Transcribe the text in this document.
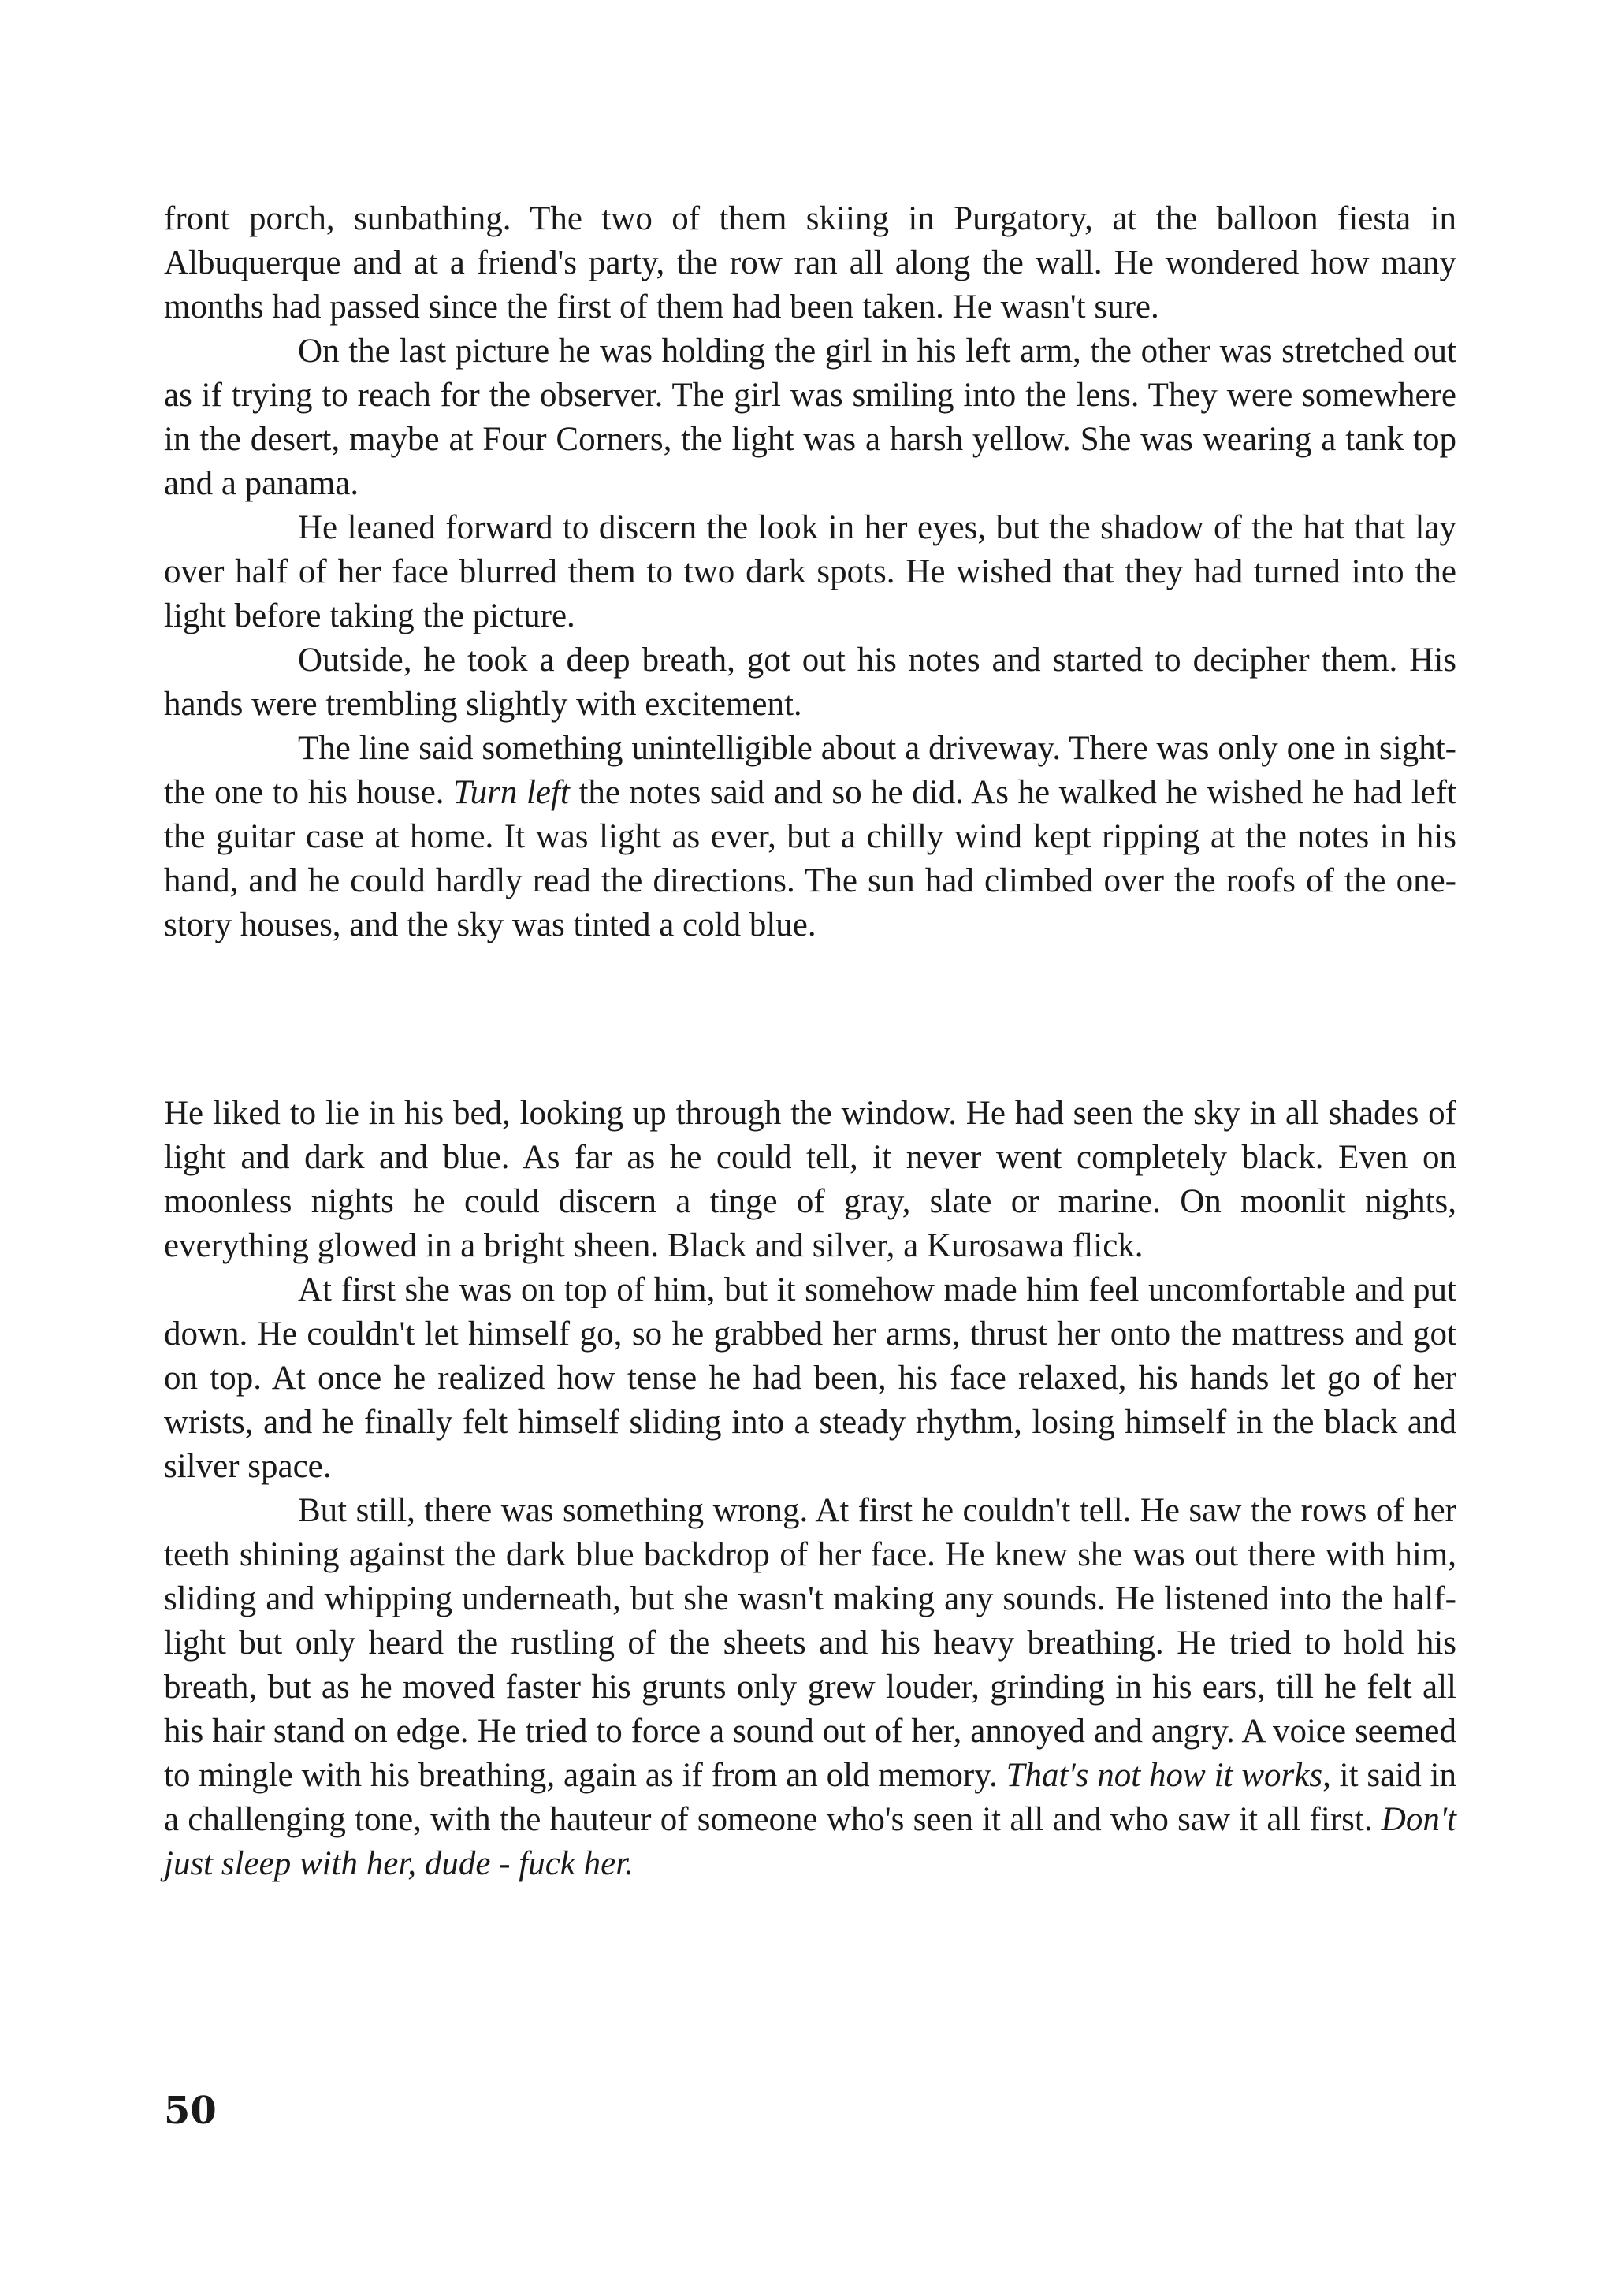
front porch, sunbathing. The two of them skiing in Purgatory, at the balloon fiesta in Albuquerque and at a friend's party, the row ran all along the wall. He wondered how many months had passed since the first of them had been taken. He wasn't sure.

On the last picture he was holding the girl in his left arm, the other was stretched out as if trying to reach for the observer. The girl was smiling into the lens. They were somewhere in the desert, maybe at Four Corners, the light was a harsh yellow. She was wearing a tank top and a panama.

He leaned forward to discern the look in her eyes, but the shadow of the hat that lay over half of her face blurred them to two dark spots. He wished that they had turned into the light before taking the picture.

Outside, he took a deep breath, got out his notes and started to decipher them. His hands were trembling slightly with excitement.

The line said something unintelligible about a driveway. There was only one in sight-the one to his house. Turn left the notes said and so he did. As he walked he wished he had left the guitar case at home. It was light as ever, but a chilly wind kept ripping at the notes in his hand, and he could hardly read the directions. The sun had climbed over the roofs of the one-story houses, and the sky was tinted a cold blue.

He liked to lie in his bed, looking up through the window. He had seen the sky in all shades of light and dark and blue. As far as he could tell, it never went completely black. Even on moonless nights he could discern a tinge of gray, slate or marine. On moonlit nights, everything glowed in a bright sheen. Black and silver, a Kurosawa flick.

At first she was on top of him, but it somehow made him feel uncomfortable and put down. He couldn't let himself go, so he grabbed her arms, thrust her onto the mattress and got on top. At once he realized how tense he had been, his face relaxed, his hands let go of her wrists, and he finally felt himself sliding into a steady rhythm, losing himself in the black and silver space.

But still, there was something wrong. At first he couldn't tell. He saw the rows of her teeth shining against the dark blue backdrop of her face. He knew she was out there with him, sliding and whipping underneath, but she wasn't making any sounds. He listened into the half-light but only heard the rustling of the sheets and his heavy breathing. He tried to hold his breath, but as he moved faster his grunts only grew louder, grinding in his ears, till he felt all his hair stand on edge. He tried to force a sound out of her, annoyed and angry. A voice seemed to mingle with his breathing, again as if from an old memory. That's not how it works, it said in a challenging tone, with the hauteur of someone who's seen it all and who saw it all first. Don't just sleep with her, dude - fuck her.

50
